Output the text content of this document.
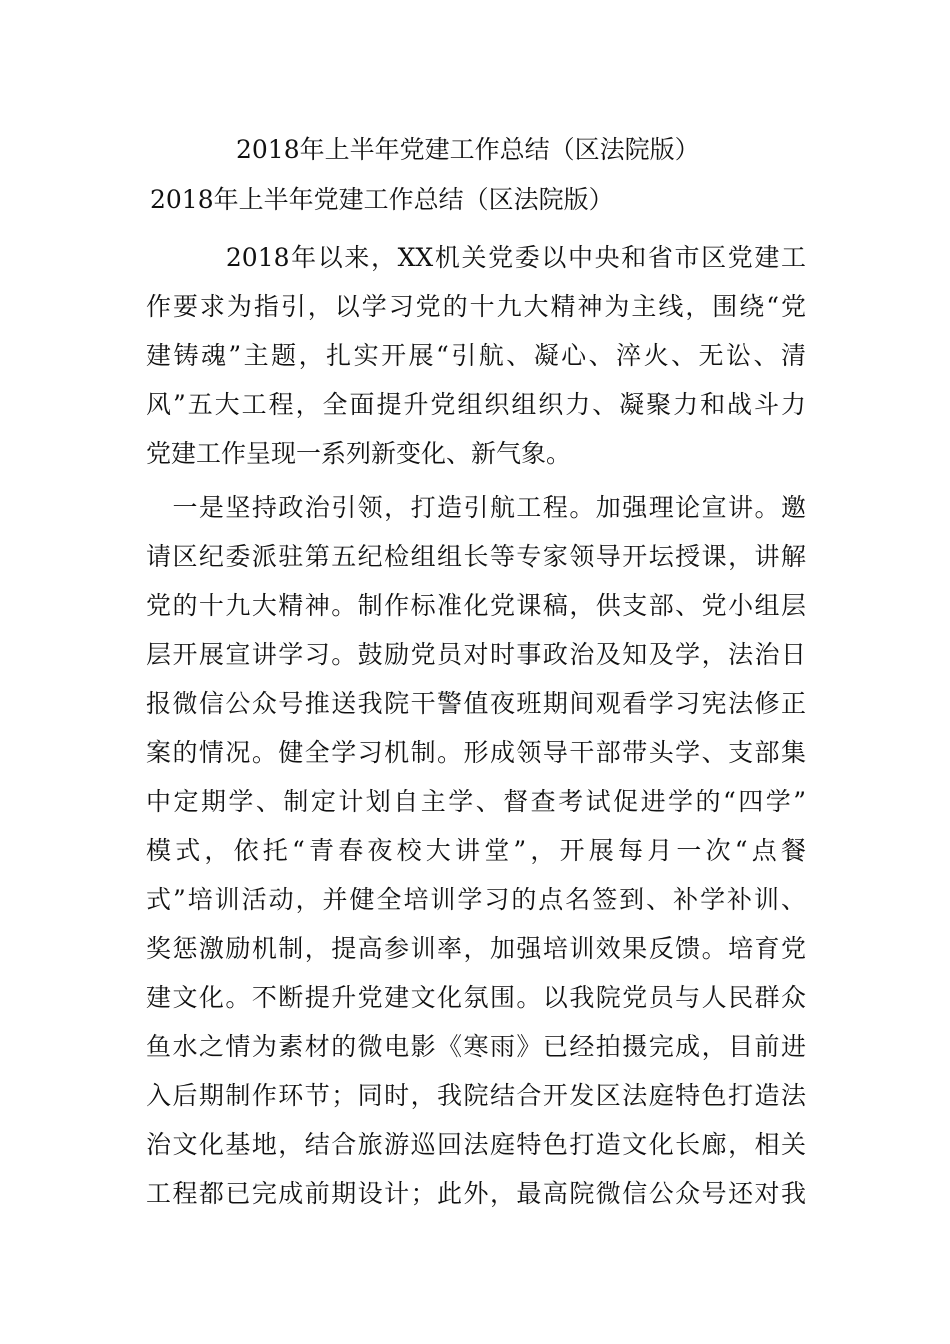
2018年上半年党建工作总结（区法院版）
2018年上半年党建工作总结（区法院版）
　　　2018年以来，XX机关党委以中央和省市区党建工
作要求为指引，以学习党的十九大精神为主线，围绕“党
建铸魂”主题，扎实开展“引航、凝心、淬火、无讼、清
风”五大工程，全面提升党组织组织力、凝聚力和战斗力
党建工作呈现一系列新变化、新气象。
　一是坚持政治引领，打造引航工程。加强理论宣讲。邀
请区纪委派驻第五纪检组组长等专家领导开坛授课，讲解
党的十九大精神。制作标准化党课稿，供支部、党小组层
层开展宣讲学习。鼓励党员对时事政治及知及学，法治日
报微信公众号推送我院干警值夜班期间观看学习宪法修正
案的情况。健全学习机制。形成领导干部带头学、支部集
中定期学、制定计划自主学、督查考试促进学的“四学”
模式，依托“青春夜校大讲堂”，开展每月一次“点餐
式”培训活动，并健全培训学习的点名签到、补学补训、
奖惩激励机制，提高参训率，加强培训效果反馈。培育党
建文化。不断提升党建文化氛围。以我院党员与人民群众
鱼水之情为素材的微电影《寒雨》已经拍摄完成，目前进
入后期制作环节；同时，我院结合开发区法庭特色打造法
治文化基地，结合旅游巡回法庭特色打造文化长廊，相关
工程都已完成前期设计；此外，最高院微信公众号还对我
